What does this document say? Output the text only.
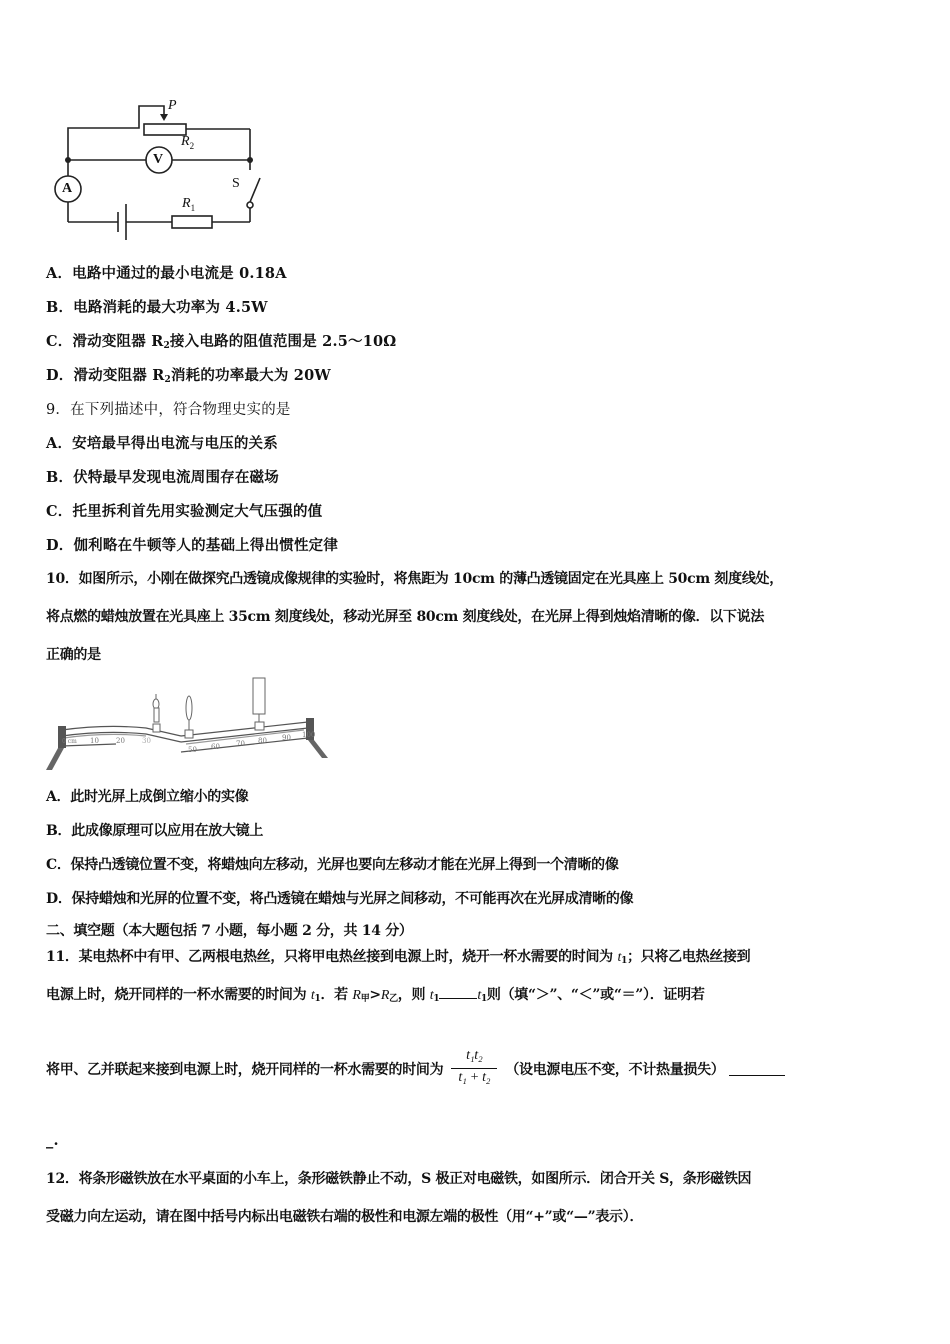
P
$R_2$
V
A	S
$R_1$
A．电路中通过的最小电流是 0.18A
B．电路消耗的最大功率为 4.5W
C．滑动变阻器 $R_2$接入电路的阻值范围是 2.5～10Ω
D．滑动变阻器 $R_2$消耗的功率最大为 20W
9．在下列描述中，符合物理史实的是
A．安培最早得出电流与电压的关系
B．伏特最早发现电流周围存在磁场
C．托里拆利首先用实验测定大气压强的值
D．伽利略在牛顿等人的基础上得出惯性定律
10．如图所示，小刚在做探究凸透镜成像规律的实验时，将焦距为 10cm 的薄凸透镜固定在光具座上 50cm 刻度线处，
将点燃的蜡烛放置在光具座上 35cm 刻度线处，移动光屏至 80cm 刻度线处，在光屏上得到烛焰清晰的像．以下说法
正确的是
0 cm 10 20 30
50 60 70 80 90 100
A．此时光屏上成倒立缩小的实像
B．此成像原理可以应用在放大镜上
C．保持凸透镜位置不变，将蜡烛向左移动，光屏也要向左移动才能在光屏上得到一个清晰的像
D．保持蜡烛和光屏的位置不变，将凸透镜在蜡烛与光屏之间移动，不可能再次在光屏成清晰的像
二、填空题（本大题包括 7 小题，每小题 2 分，共 14 分）
11．某电热杯中有甲、乙两根电热丝，只将甲电热丝接到电源上时，烧开一杯水需要的时间为 $t_1$；只将乙电热丝接到
电源上时，烧开同样的一杯水需要的时间为 $t_1$．若 $R_甲>R_乙$，则 $t_1$	$t_1$则（填“＞”、“＜”或“＝”）．证明若
将甲、乙并联起来接到电源上时，烧开同样的一杯水需要的时间为 $\frac{\text{t₁t₂}}{\text{t₁ + t₂}}$ （设电源电压不变，不计热量损失）
_.
12．将条形磁铁放在水平桌面的小车上，条形磁铁静止不动，S 极正对电磁铁，如图所示．闭合开关 S，条形磁铁因
受磁力向左运动，请在图中括号内标出电磁铁右端的极性和电源左端的极性（用“+”或“—”表示）．
